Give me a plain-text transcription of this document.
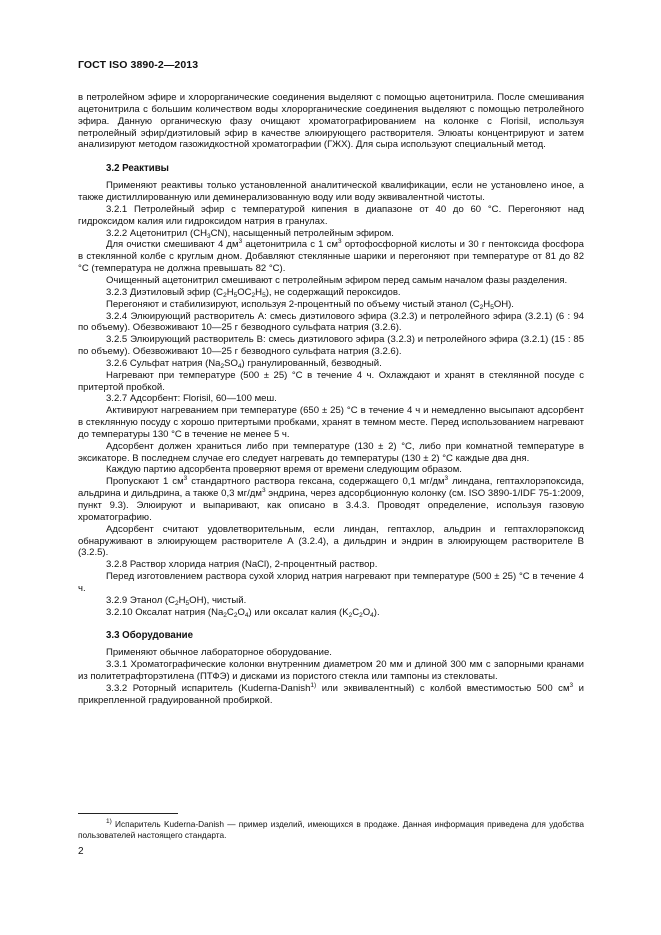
ГОСТ ISO 3890-2—2013

в петролейном эфире и хлорорганические соединения выделяют с помощью ацетонитрила. После смешивания ацетонитрила с большим количеством воды хлорорганические соединения выделяют с помощью петролейного эфира. Данную органическую фазу очищают хроматографированием на колонке с Florisil, используя петролейный эфир/диэтиловый эфир в качестве элюирующего растворителя. Элюаты концентрируют и затем анализируют методом газожидкостной хроматографии (ГЖХ). Для сыра используют специальный метод.

3.2 Реактивы

Применяют реактивы только установленной аналитической квалификации, если не установлено иное, а также дистиллированную или деминерализованную воду или воду эквивалентной чистоты.

3.2.1 Петролейный эфир с температурой кипения в диапазоне от 40 до 60 °С. Перегоняют над гидроксидом калия или гидроксидом натрия в гранулах.

3.2.2 Ацетонитрил $(CH_3CN)$, насыщенный петролейным эфиром.

Для очистки смешивают 4 $дм^3$ ацетонитрила с 1 $см^3$ ортофосфорной кислоты и 30 г пентоксида фосфора в стеклянной колбе с круглым дном. Добавляют стеклянные шарики и перегоняют при температуре от 81 до 82 °С (температура не должна превышать 82 °С).

Очищенный ацетонитрил смешивают с петролейным эфиром перед самым началом фазы разделения.

3.2.3 Диэтиловый эфир $(C_2H_5OC_2H_5)$, не содержащий пероксидов.

Перегоняют и стабилизируют, используя 2-процентный по объему чистый этанол $(C_2H_5OH)$.

3.2.4 Элюирующий растворитель А: смесь диэтилового эфира (3.2.3) и петролейного эфира (3.2.1) (6 : 94 по объему). Обезвоживают 10—25 г безводного сульфата натрия (3.2.6).

3.2.5 Элюирующий растворитель В: смесь диэтилового эфира (3.2.3) и петролейного эфира (3.2.1) (15 : 85 по объему). Обезвоживают 10—25 г безводного сульфата натрия (3.2.6).

3.2.6 Сульфат натрия $(Na_2SO_4)$ гранулированный, безводный.

Нагревают при температуре (500 ± 25) °С в течение 4 ч. Охлаждают и хранят в стеклянной посуде с притертой пробкой.

3.2.7 Адсорбент: Florisil, 60—100 меш.

Активируют нагреванием при температуре (650 ± 25) °С в течение 4 ч и немедленно высыпают адсорбент в стеклянную посуду с хорошо притертыми пробками, хранят в темном месте. Перед использованием нагревают до температуры 130 °С в течение не менее 5 ч.

Адсорбент должен храниться либо при температуре (130 ± 2) °С, либо при комнатной температуре в эксикаторе. В последнем случае его следует нагревать до температуры (130 ± 2) °С каждые два дня.

Каждую партию адсорбента проверяют время от времени следующим образом.

Пропускают 1 $см^3$ стандартного раствора гексана, содержащего 0,1 $мг/дм^3$ линдана, гептахлорэпоксида, альдрина и дильдрина, а также 0,3 $мг/дм^3$ эндрина, через адсорбционную колонку (см. ISO 3890-1/IDF 75-1:2009, пункт 9.3). Элюируют и выпаривают, как описано в 3.4.3. Проводят определение, используя газовую хроматографию.

Адсорбент считают удовлетворительным, если линдан, гептахлор, альдрин и гептахлорэпоксид обнаруживают в элюирующем растворителе А (3.2.4), а дильдрин и эндрин в элюирующем растворителе В (3.2.5).

3.2.8 Раствор хлорида натрия (NaCl), 2-процентный раствор.

Перед изготовлением раствора сухой хлорид натрия нагревают при температуре (500 ± 25) °С в течение 4 ч.

3.2.9 Этанол $(C_2H_5OH)$, чистый.

3.2.10 Оксалат натрия $(Na_2C_2O_4)$ или оксалат калия $(K_2C_2O_4)$.

3.3 Оборудование

Применяют обычное лабораторное оборудование.

3.3.1 Хроматографические колонки внутренним диаметром 20 мм и длиной 300 мм с запорными кранами из политетрафторэтилена (ПТФЭ) и дисками из пористого стекла или тампоны из стекловаты.

3.3.2 Роторный испаритель (Kuderna-Danish$^{1)}$ или эквивалентный) с колбой вместимостью 500 $см^3$ и прикрепленной градуированной пробиркой.

$^{1)}$ Испаритель Kuderna-Danish — пример изделий, имеющихся в продаже. Данная информация приведена для удобства пользователей настоящего стандарта.

2
